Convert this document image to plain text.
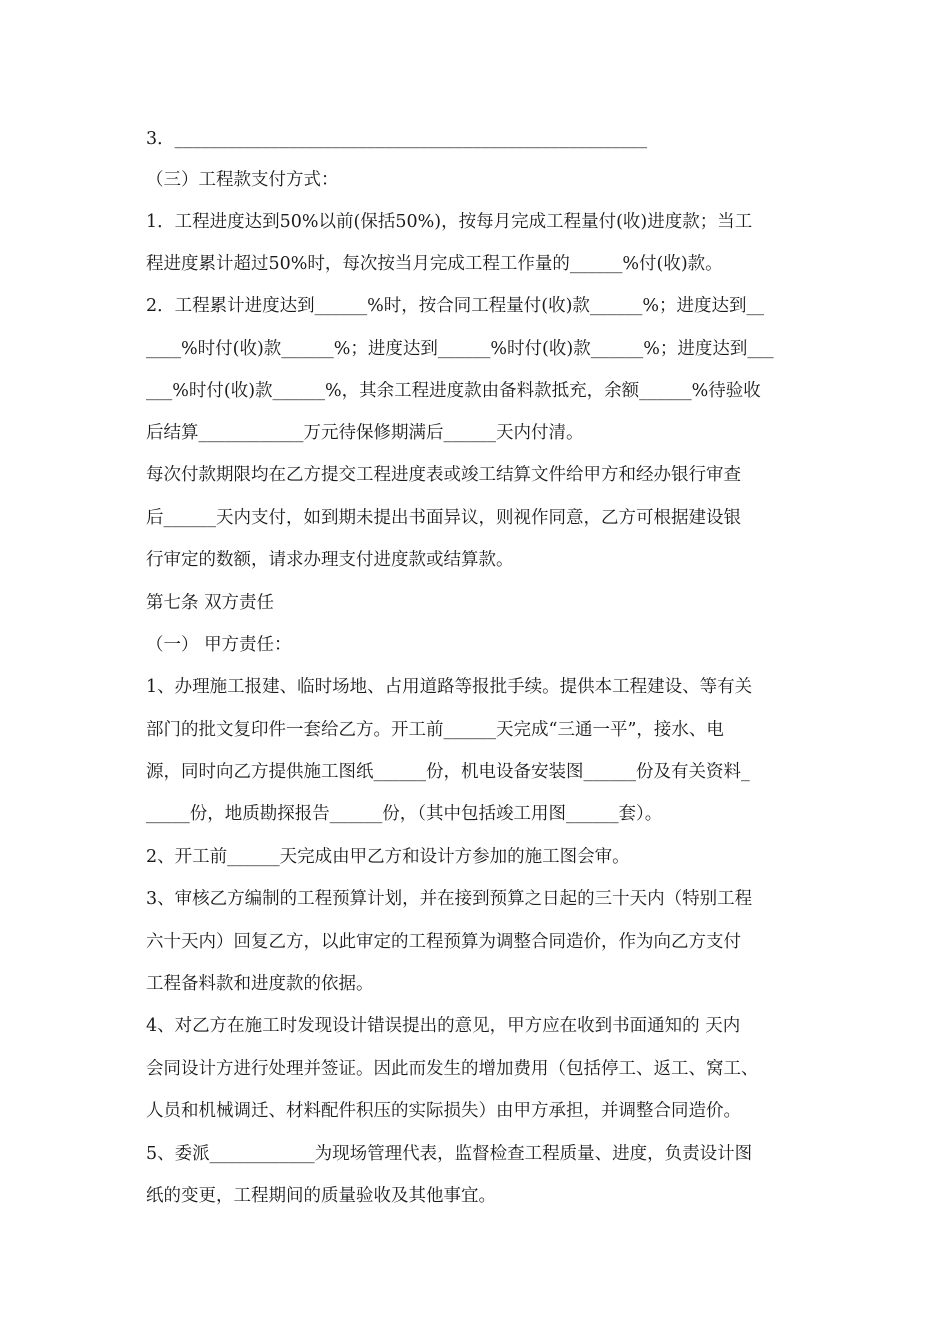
3．______________________________________________________
（三）工程款支付方式：
1．工程进度达到50%以前(保括50%)，按每月完成工程量付(收)进度款；当工
程进度累计超过50%时，每次按当月完成工程工作量的______%付(收)款。
2．工程累计进度达到______%时，按合同工程量付(收)款______%；进度达到__
____%时付(收)款______%；进度达到______%时付(收)款______%；进度达到___
___%时付(收)款______%，其余工程进度款由备料款抵充，余额______%待验收
后结算____________万元待保修期满后______天内付清。
每次付款期限均在乙方提交工程进度表或竣工结算文件给甲方和经办银行审查
后______天内支付，如到期未提出书面异议，则视作同意，乙方可根据建设银
行审定的数额，请求办理支付进度款或结算款。
第七条 双方责任
（一） 甲方责任：
1、办理施工报建、临时场地、占用道路等报批手续。提供本工程建设、等有关
部门的批文复印件一套给乙方。开工前______天完成“三通一平”，接水、电
源，同时向乙方提供施工图纸______份，机电设备安装图______份及有关资料_
_____份，地质勘探报告______份，（其中包括竣工用图______套）。
2、开工前______天完成由甲乙方和设计方参加的施工图会审。
3、审核乙方编制的工程预算计划，并在接到预算之日起的三十天内（特别工程
六十天内）回复乙方，以此审定的工程预算为调整合同造价，作为向乙方支付
工程备料款和进度款的依据。
4、对乙方在施工时发现设计错误提出的意见，甲方应在收到书面通知的 天内
会同设计方进行处理并签证。因此而发生的增加费用（包括停工、返工、窝工、
人员和机械调迁、材料配件积压的实际损失）由甲方承担，并调整合同造价。
5、委派____________为现场管理代表，监督检查工程质量、进度，负责设计图
纸的变更，工程期间的质量验收及其他事宜。
